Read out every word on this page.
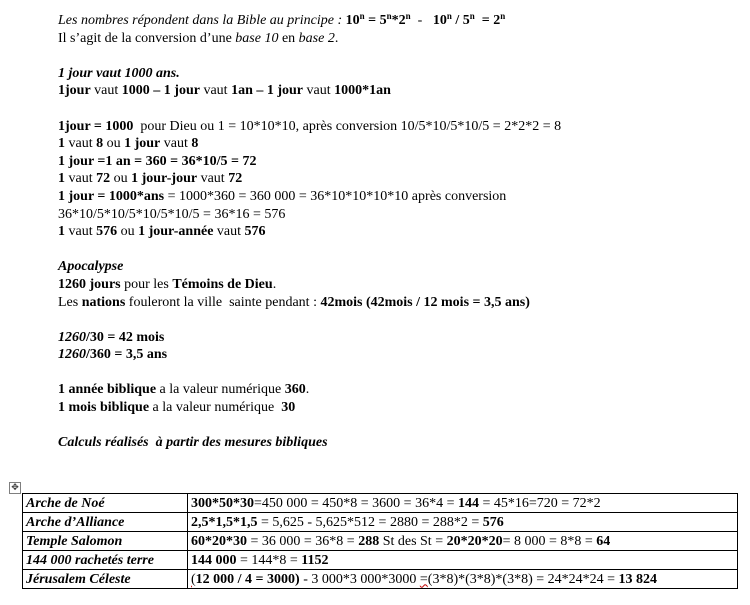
Les nombres répondent dans la Bible au principe : $10^n = 5^n*2^n - 10^n / 5^n = 2^n$
Il s’agit de la conversion d’une base 10 en base 2.
1 jour vaut 1000 ans.
1jour vaut 1000 – 1 jour vaut 1an – 1 jour vaut 1000*1an
1jour = 1000  pour Dieu ou 1 = 10*10*10, après conversion 10/5*10/5*10/5 = 2*2*2 = 8
1 vaut 8 ou 1 jour vaut 8
1 jour =1 an = 360 = 36*10/5 = 72
1 vaut 72 ou 1 jour-jour vaut 72
1 jour = 1000*ans = 1000*360 = 360 000 = 36*10*10*10*10 après conversion
36*10/5*10/5*10/5*10/5 = 36*16 = 576
1 vaut 576 ou 1 jour-année vaut 576
Apocalypse
1260 jours pour les Témoins de Dieu.
Les nations fouleront la ville  sainte pendant : 42mois (42mois / 12 mois = 3,5 ans)
1260/30 = 42 mois
1260/360 = 3,5 ans
1 année biblique a la valeur numérique 360.
1 mois biblique a la valeur numérique  30
Calculs réalisés  à partir des mesures bibliques
✥
Arche de Noé	300*50*30=450 000 = 450*8 = 3600 = 36*4 = 144 = 45*16=720 = 72*2
Arche d’Alliance	2,5*1,5*1,5 = 5,625 - 5,625*512 = 2880 = 288*2 = 576
Temple Salomon	60*20*30 = 36 000 = 36*8 = 288 St des St = 20*20*20= 8 000 = 8*8 = 64
144 000 rachetés terre	144 000 = 144*8 = 1152
Jérusalem Céleste	(12 000 / 4 = 3000) - 3 000*3 000*3000 =(3*8)*(3*8)*(3*8) = 24*24*24 = 13 824
